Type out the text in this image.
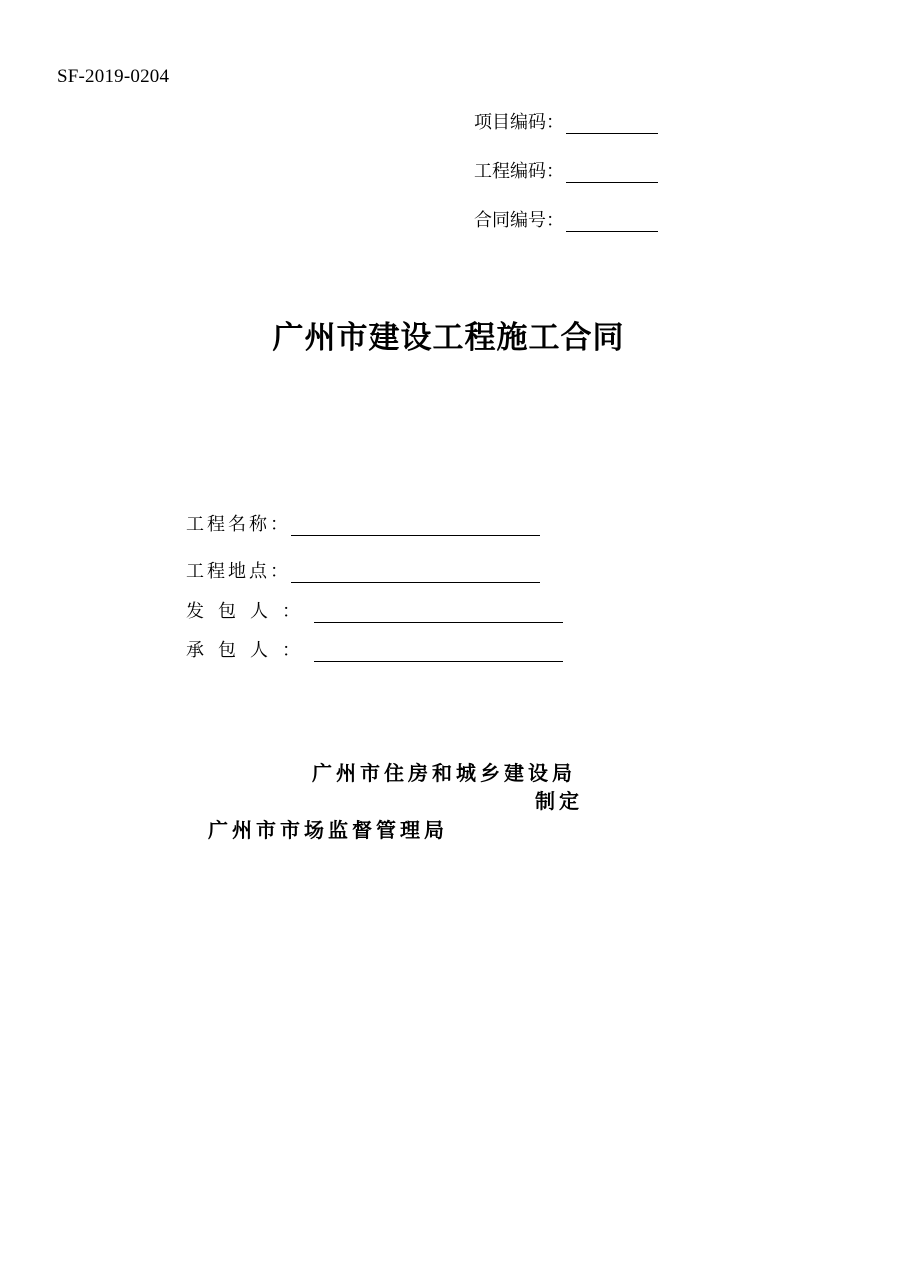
SF-2019-0204
项目编码：
工程编码：
合同编号：
广州市建设工程施工合同
工程名称：
工程地点：
发包人：
承包人：
广州市住房和城乡建设局
制定
广州市市场监督管理局
